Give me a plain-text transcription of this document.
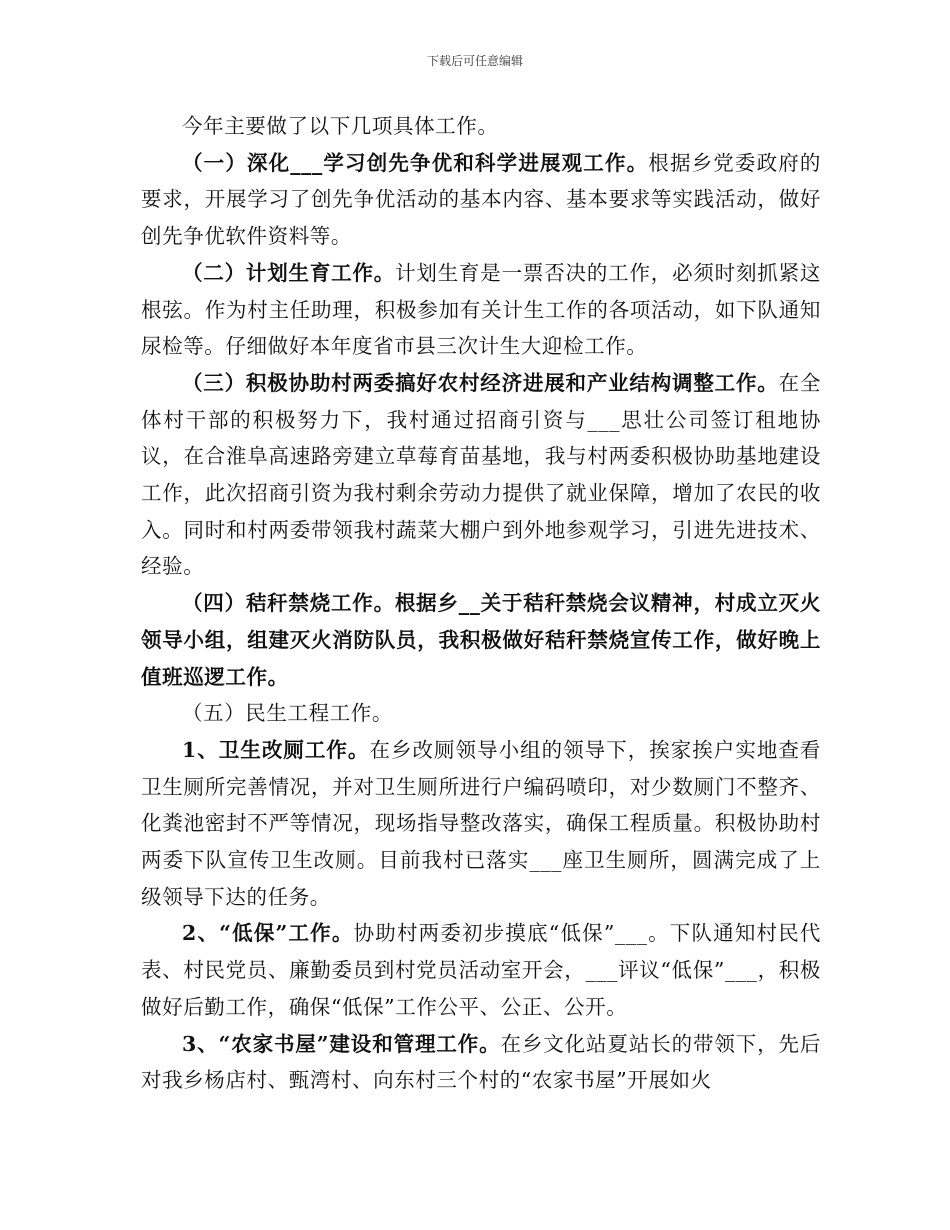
下载后可任意编辑

今年主要做了以下几项具体工作。

（一）深化___学习创先争优和科学进展观工作。根据乡党委政府的要求，开展学习了创先争优活动的基本内容、基本要求等实践活动，做好创先争优软件资料等。

（二）计划生育工作。计划生育是一票否决的工作，必须时刻抓紧这根弦。作为村主任助理，积极参加有关计生工作的各项活动，如下队通知尿检等。仔细做好本年度省市县三次计生大迎检工作。

（三）积极协助村两委搞好农村经济进展和产业结构调整工作。在全体村干部的积极努力下，我村通过招商引资与___思壮公司签订租地协议，在合淮阜高速路旁建立草莓育苗基地，我与村两委积极协助基地建设工作，此次招商引资为我村剩余劳动力提供了就业保障，增加了农民的收入。同时和村两委带领我村蔬菜大棚户到外地参观学习，引进先进技术、经验。

（四）秸秆禁烧工作。根据乡__关于秸秆禁烧会议精神，村成立灭火领导小组，组建灭火消防队员，我积极做好秸秆禁烧宣传工作，做好晚上值班巡逻工作。

（五）民生工程工作。

1、卫生改厕工作。在乡改厕领导小组的领导下，挨家挨户实地查看卫生厕所完善情况，并对卫生厕所进行户编码喷印，对少数厕门不整齐、化粪池密封不严等情况，现场指导整改落实，确保工程质量。积极协助村两委下队宣传卫生改厕。目前我村已落实___座卫生厕所，圆满完成了上级领导下达的任务。

2、“低保”工作。协助村两委初步摸底“低保”___。下队通知村民代表、村民党员、廉勤委员到村党员活动室开会，___评议“低保”___，积极做好后勤工作，确保“低保”工作公平、公正、公开。

3、“农家书屋”建设和管理工作。在乡文化站夏站长的带领下，先后对我乡杨店村、甄湾村、向东村三个村的“农家书屋”开展如火
